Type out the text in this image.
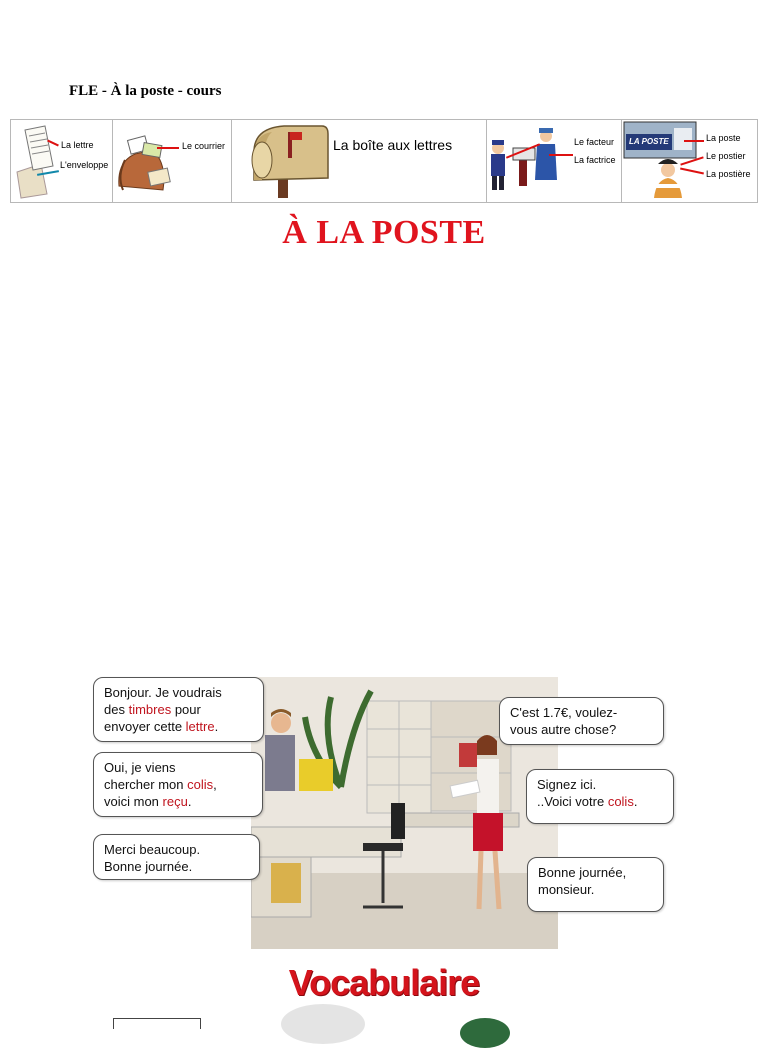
FLE - À la poste - cours
La lettre
L'enveloppe
Le courrier	La boîte aux lettres	Le facteur
La factrice
LA POSTE	La poste
Le postier
La postière
À LA POSTE
Bonjour. Je voudrais
des timbres pour
envoyer cette lettre.
Oui, je viens
chercher mon colis,
voici mon reçu.
Merci beaucoup.
Bonne journée.
C'est 1.7€, voulez-
vous autre chose?
Signez ici.
..Voici votre colis.
Bonne journée,
monsieur.
Vocabulaire
